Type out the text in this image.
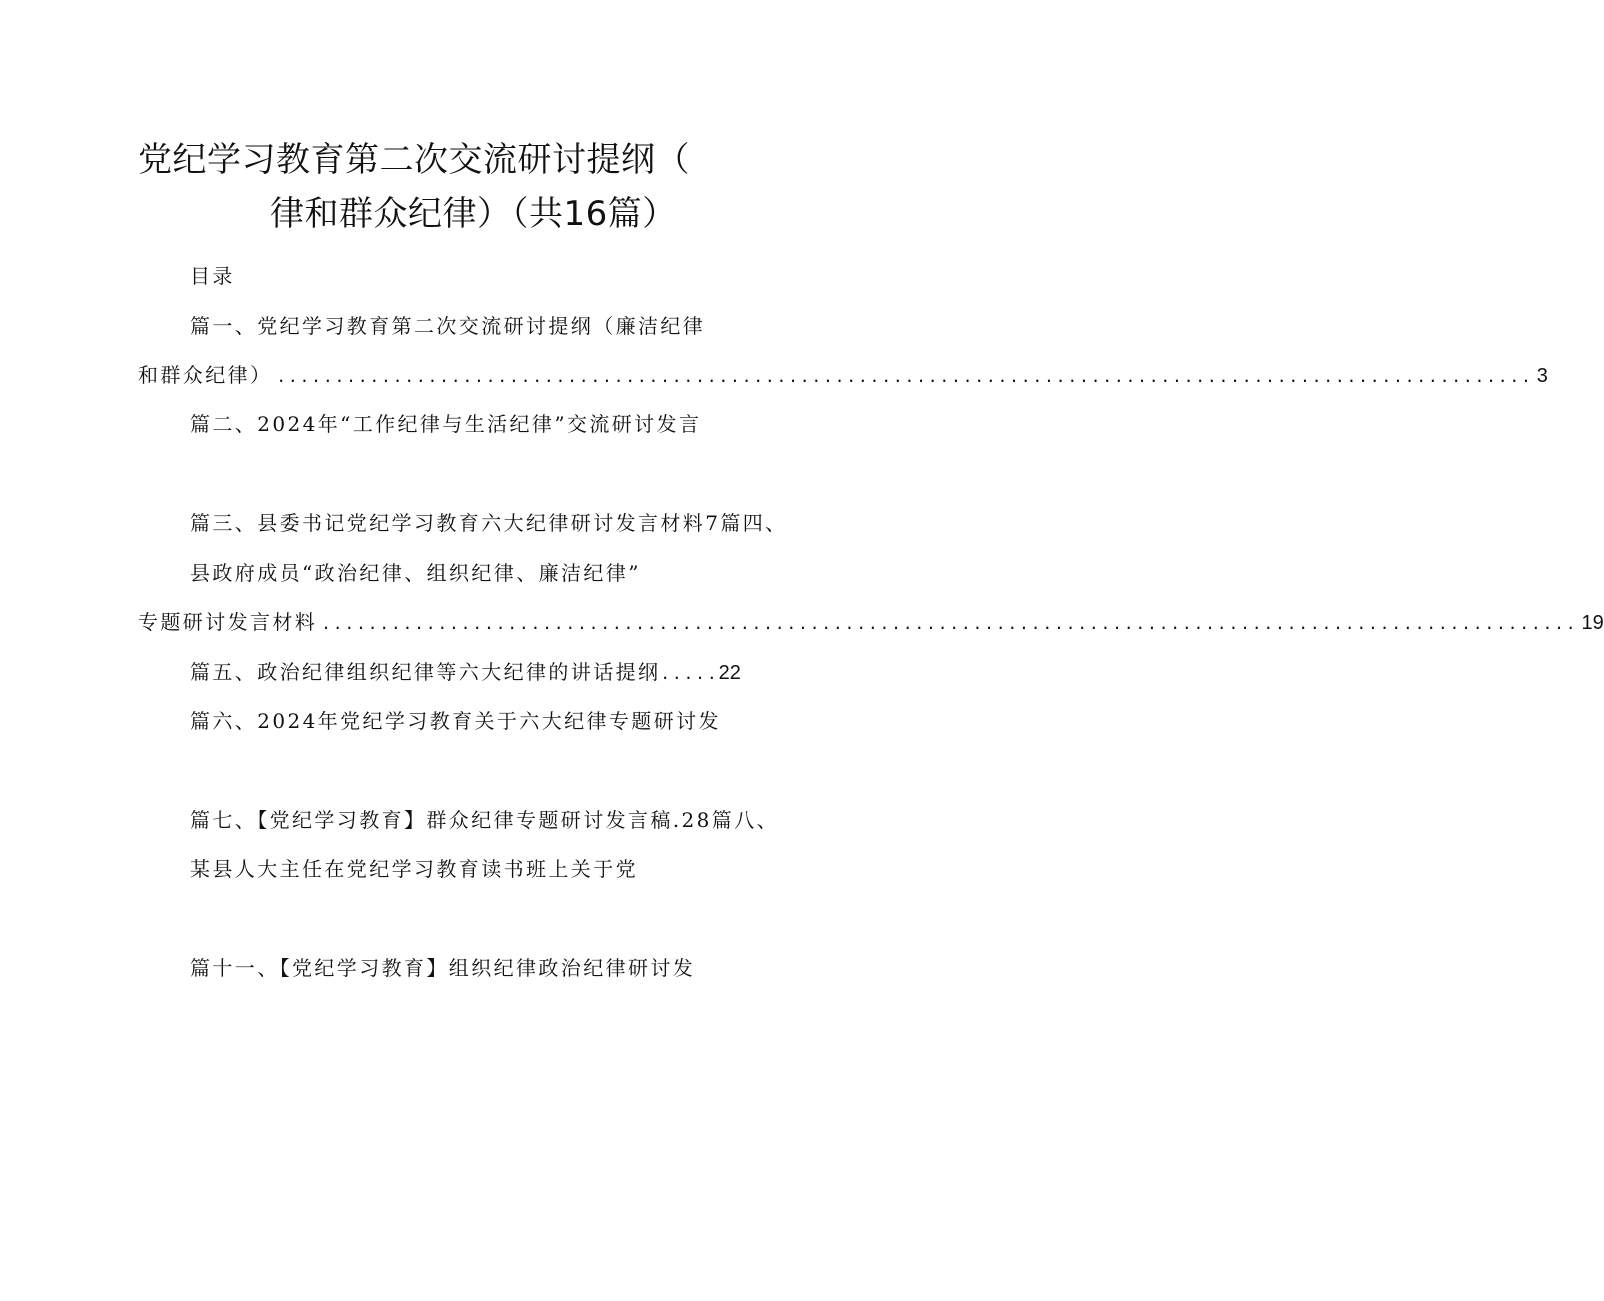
党纪学习教育第二次交流研讨提纲（
律和群众纪律）（共16篇）
目录
篇一、党纪学习教育第二次交流研讨提纲（廉洁纪律
和群众纪律） ............................................................................................................ 3
篇二、2024年“工作纪律与生活纪律”交流研讨发言
篇三、县委书记党纪学习教育六大纪律研讨发言材料7篇四、
县政府成员“政治纪律、组织纪律、廉洁纪律”
专题研讨发言材料 ............................................................................................................ 19
篇五、政治纪律组织纪律等六大纪律的讲话提纲 ..... 22
篇六、2024年党纪学习教育关于六大纪律专题研讨发
篇七、【党纪学习教育】群众纪律专题研讨发言稿.28篇八、
某县人大主任在党纪学习教育读书班上关于党
篇十一、【党纪学习教育】组织纪律政治纪律研讨发
